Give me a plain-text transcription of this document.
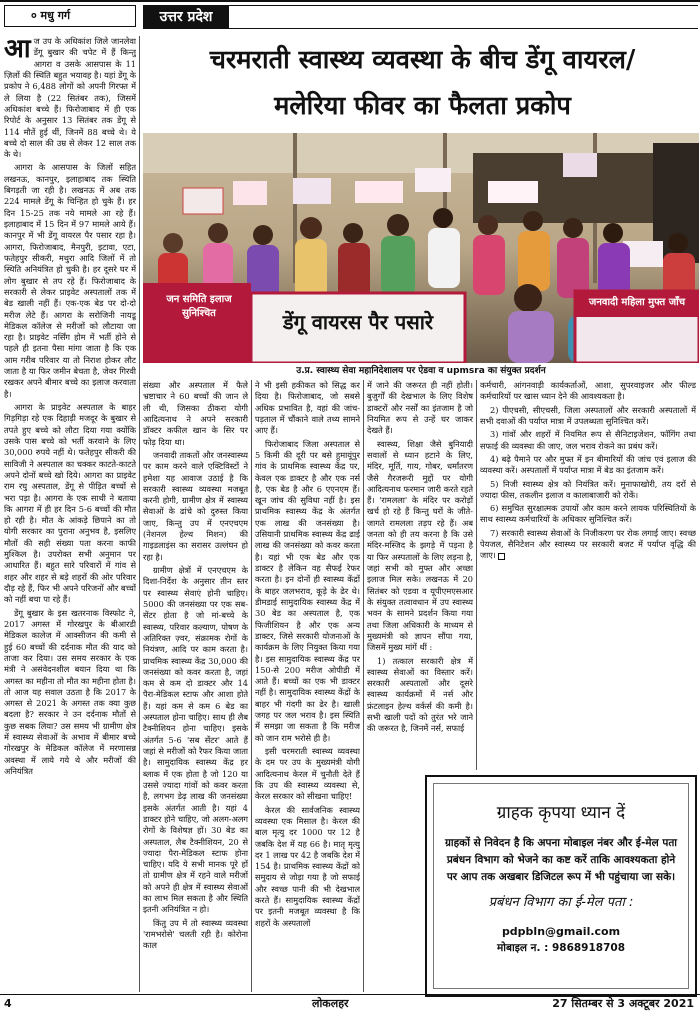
० मधु गर्ग	उत्तर प्रदेश
चरमराती स्वास्थ्य व्यवस्था के बीच डेंगू वायरल/
मलेरिया फीवर का फैलता प्रकोप
जन समिति इलाज सुनिश्चित	डेंगू वायरस पैर पसारे
जनवादी महिला मुफ्त जाँच
उ.प्र. स्वास्थ्य सेवा महानिदेशालय पर ऐडवा व upmsra का संयुक्त प्रदर्शन
आ ज उप के अधिकांश जिले जानलेवा डेंगू बुखार की चपेट में हैं किन्तु आगरा व उसके आसपास के 11 ज़िलों की स्थिति बहुत भयावह है। यहां डेंगू के प्रकोप ने 6,488 लोगों को अपनी गिरफ्त में ले लिया है (22 सितंबर तक), जिसमें अधिकांश बच्चे हैं। फिरोजाबाद में ही एक रिपोर्ट के अनुसार 13 सितंबर तक डेंगू से 114 मौतें हुई थीं, जिनमें 88 बच्चे थे। ये बच्चे दो साल की उम्र से लेकर 12 साल तक के थे।

आगरा के आसपास के जिलों सहित लखनऊ, कानपुर, इलाहाबाद तक स्थिति बिगड़ती जा रही है। लखनऊ में अब तक 224 मामले डेंगू के चिन्हित हो चुके हैं। हर दिन 15-25 तक नये मामले आ रहे हैं। इलाहाबाद में 15 दिन में 97 मामले आये हैं। कानपुर में भी डेंगू वायरल पैर पसार रहा है। आगरा, फिरोजाबाद, मैनपुरी, इटावा, एटा, फतेहपुर सीकरी, मथुरा आदि जिलों में तो स्थिति अनियंत्रित हो चुकी है। हर दूसरे घर में लोग बुखार से तप रहे हैं। फिरोजाबाद के सरकारी से लेकर प्राइवेट अस्पतालों तक में बेड खाली नहीं हैं। एक-एक बेड पर दो-दो मरीज लेटे हैं। आगरा के सरोजिनी नायडू मेडिकल कॉलेज से मरीजों को लौटाया जा रहा है। प्राइवेट नर्सिंग होम में भर्ती होने से पहले ही इतना पैसा मांगा जाता है कि एक आम गरीब परिवार या तो निराश होकर लौट जाता है या फिर जमीन बेचता है, जेवर गिरवी रखकर अपने बीमार बच्चे का इलाज करवाता है।

आगरा के प्राइवेट अस्पताल के बाहर गिड़गिड़ा रहे एक दिहाड़ी मजदूर के बुखार से तपते हुए बच्चे को लौटा दिया गया क्योंकि उसके पास बच्चे को भर्ती करवाने के लिए 30,000 रुपये नहीं थे। फतेहपुर सीकरी की साविजी ने अस्पताल का चक्कर काटते-काटते अपने दोनों बच्चे खो दिये। आगरा का प्राइवेट राम रघु अस्पताल, डेंगू से पीड़ित बच्चों से भरा पड़ा है। आगरा के एक साथी ने बताया कि आगरा में ही हर दिन 5-6 बच्चों की मौत हो रही है। मौत के आंकड़े छिपाने का तो योगी सरकार का पुराना अनुभव है, इसलिए मौतों की सही संख्या पता करना काफी मुश्किल है। उपरोक्त सभी अनुमान पर आधारित हैं। बहुत सारे परिवारों में गांव से शहर और शहर से बड़े शहरों की ओर परिवार दौड़ रहे हैं, फिर भी अपने परिजनों और बच्चों को नहीं बचा पा रहे हैं।

डेंगू बुखार के इस खतरनाक विस्फोट ने, 2017 अगस्त में गोरखपुर के बीआरडी मेडिकल कालेज में आक्सीजन की कमी से हुई 60 बच्चों की दर्दनाक मौत की याद को ताजा कर दिया। उस समय सरकार के एक मंत्री ने असंवेदनशील बयान दिया था कि अगस्त का महीना तो मौत का महीना होता है। तो आज यह सवाल उठता है कि 2017 के अगस्त से 2021 के अगस्त तक क्या कुछ बदला है? सरकार ने उन दर्दनाक मौतों से कुछ सबक लिया? उस समय भी ग्रामीण क्षेत्र में स्वास्थ्य सेवाओं के अभाव में बीमार बच्चे गोरखपुर के मेडिकल कॉलेज में मरणासन्न अवस्था में लाये गये थे और मरीजों की अनियंत्रित

संख्या और अस्पताल में फैले भ्रष्टाचार ने 60 बच्चों की जान ले ली थी, जिसका ठीकरा योगी आदित्यनाथ ने अपने सरकारी डॉक्टर कफील खान के सिर पर फोड़ दिया था।

जनवादी ताकतों और जनस्वास्थ्य पर काम करने वाले एक्टिविस्टों ने हमेशा यह आवाज उठाई है कि सरकारी स्वास्थ्य व्यवस्था मजबूत करनी होगी, ग्रामीण क्षेत्र में स्वास्थ्य सेवाओं के ढांचे को दुरुस्त किया जाए, किन्तु उप में एनएचएम (नेशनल हेल्थ मिशन) की गाइडलाइंस का सरासर उल्लंघन हो रहा है।

ग्रामीण क्षेत्रों में एनएचएम के दिशा-निर्देश के अनुसार तीन स्तर पर स्वास्थ्य सेवाएं होनी चाहिए। 5000 की जनसंख्या पर एक सब-सेंटर होता है जो मां-बच्चे के स्वास्थ्य, परिवार कल्याण, पोषण के अतिरिक्त ज़्वर, संक्रामक रोगों के नियंत्रण, आदि पर काम करता है। प्राथमिक स्वास्थ्य केंद्र 30,000 की जनसंख्या को कवर करता है, जहां कम से कम दो डाक्टर और 14 पैरा-मेडिकल स्टाफ और आशा होते हैं। यहां कम से कम 6 बेड का अस्पताल होना चाहिए। साथ ही लैब टैक्नीशियन होना चाहिए। इसके अंतर्गत 5-6 'सब सेंटर' आते हैं जहां से मरीजों को रैफर किया जाता है। सामुदायिक स्वास्थ्य केंद्र हर ब्लाक में एक होता है जो 120 या उससे ज्यादा गांवों को कवर करता है, लगभग डेढ़ लाख की जनसंख्या इसके अंतर्गत आती है। यहां 4 डाक्टर होने चाहिए, जो अलग-अलग रोगों के विशेषज्ञ हों। 30 बेड का अस्पताल, लैब टैक्नीशियन, 20 से ज्यादा पैरा-मेडिकल स्टाफ होना चाहिए। यदि ये सभी मानक पूरे हों तो ग्रामीण क्षेत्र में रहने वाले मरीजों को अपने ही क्षेत्र में स्वास्थ्य सेवाओं का लाभ मिल सकता है और स्थिति इतनी अनियंत्रित न हो।

किंतु उप में तो स्वास्थ्य व्यवस्था 'रामभरोसे' चलती रही है। कोरोना काल

ने भी इसी हकीकत को सिद्ध कर दिया है। फिरोजाबाद, जो सबसे अधिक प्रभावित है, वहां की जांच-पड़ताल में चौंकाने वाले तथ्य सामने आए हैं।

फिरोजाबाद जिला अस्पताल से 5 किमी की दूरी पर बसे हुमायूंपुर गांव के प्राथमिक स्वास्थ्य केंद्र पर, केवल एक डाक्टर है और एक नर्स है, एक बेड है और 6 एएनएम हैं। खून जांच की सुविधा नहीं है। इस प्राथमिक स्वास्थ्य केंद्र के अंतर्गत एक लाख की जनसंख्या है। उसियानी प्राथमिक स्वास्थ्य केंद्र ढाई लाख की जनसंख्या को कवर करता है। यहां भी एक बेड और एक डाक्टर है लेकिन वह सैफई रेफर करता है। इन दोनों ही स्वास्थ्य केंद्रों के बाहर जलभराव, कूड़े के ढेर थे। डीमडाई सामुदायिक स्वास्थ्य केंद्र में 30 बेड का अस्पताल है, एक फिजीशियन है और एक अन्य डाक्टर, जिसे सरकारी योजनाओं के कार्यक्रम के लिए नियुक्त किया गया है। इस सामुदायिक स्वास्थ्य केंद्र पर 150-से 200 मरीज ओपीडी में आते हैं। बच्चों का एक भी डाक्टर नहीं है। सामुदायिक स्वास्थ्य केंद्रों के बाहर भी गंदगी का ढेर है। खाली जगह पर जल भराव है। इस स्थिति में समझा जा सकता है कि मरीज को जान राम भरोसे ही है।

इसी चरमराती स्वास्थ्य व्यवस्था के दम पर उप के मुख्यमंत्री योगी आदित्यनाथ केरल में चुनौती देते हैं कि उप की स्वास्थ्य व्यवस्था से, केरल सरकार को सीखना चाहिए!

केरल की सार्वजनिक स्वास्थ्य व्यवस्था एक मिसाल है। केरल की बाल मृत्यु दर 1000 पर 12 है जबकि देश में यह 66 है। मातृ मृत्यु दर 1 लाख पर 42 है जबकि देश में 154 है। प्राथमिक स्वास्थ्य केंद्रों को समुदाय से जोड़ा गया है जो सफाई और स्वच्छ पानी की भी देखभाल करते हैं। सामुदायिक स्वास्थ्य केंद्रों पर इतनी मजबूत व्यवस्था है कि शहरों के अस्पतालों

में जाने की जरूरत ही नहीं होती। बुजुर्गों की देखभाल के लिए विशेष डाक्टरों और नर्सों का इंतजाम है जो नियमित रूप से उन्हें घर जाकर देखते हैं।

स्वास्थ्य, शिक्षा जैसे बुनियादी सवालों से ध्यान हटाने के लिए, मंदिर, मूर्ति, गाय, गोबर, धर्मांतरण जैसे गैरजरूरी मुद्दों पर योगी आदित्यनाथ फरमान जारी करते रहते हैं। 'रामलला' के मंदिर पर करोड़ों खर्च हो रहे हैं किन्तु घरों के जीते-जागते रामलला तड़प रहे हैं। अब जनता को ही तय करना है कि उसे मंदिर-मस्जिद के झगड़े में पड़ना है या फिर अस्पतालों के लिए लड़ना है, जहां सभी को मुफ्त और अच्छा इलाज मिल सके। लखनऊ में 20 सितंबर को एडवा व यूपीएमएसआर के संयुक्त तत्वावधान में उप स्वास्थ्य भवन के सामने प्रदर्शन किया गया तथा जिला अधिकारी के माध्यम से मुख्यमंत्री को ज्ञापन सौंपा गया, जिसमें मुख्य मांगें थीं :

1) तत्काल सरकारी क्षेत्र में स्वास्थ्य सेवाओं का विस्तार करें। सरकारी अस्पतालों और दूसरे स्वास्थ्य कार्यक्रमों में नर्स और फ्रंटलाइन हेल्थ वर्कर्स की कमी है। सभी खाली पदों को तुरंत भरे जाने की जरूरत है, जिनमें नर्स, सफाई

कर्मचारी, आंगनवाड़ी कार्यकर्ताओं, आशा, सुपरवाइजर और फील्ड कर्मचारियों पर खास ध्यान देने की आवश्यकता है।

2) पीएचसी, सीएचसी, जिला अस्पतालों और सरकारी अस्पतालों में सभी दवाओं की पर्याप्त मात्रा में उपलब्धता सुनिश्चित करें।

3) गांवों और शहरों में नियमित रूप से सैनिटाइजेशन, फॉगिंग तथा सफाई की व्यवस्था की जाए, जल भराव रोकने का प्रबंध करें।

4) बढ़े पैमाने पर और मुफ्त में इन बीमारियों की जांच एवं इलाज की व्यवस्था करें। अस्पतालों में पर्याप्त मात्रा में बेड का इंतजाम करें।

5) निजी स्वास्थ्य क्षेत्र को नियंत्रित करें। मुनाफाखोरी, तय दरों से ज्यादा फीस, तकलीन इलाज व कालाबाजारी को रोकें।

6) समुचित सुरक्षात्मक उपायों और काम करने लायक परिस्थितियों के साथ स्वास्थ्य कर्मचारियों के अधिकार सुनिश्चित करें।

7) सरकारी स्वास्थ्य सेवाओं के निजीकरण पर रोक लगाई जाए। स्वच्छ पेयजल, सैनिटेशन और स्वास्थ्य पर सरकारी बजट में पर्याप्त वृद्धि की जाए।

ग्राहक कृपया ध्यान दें
ग्राहकों से निवेदन है कि अपना मोबाइल नंबर और ई-मेल पता प्रबंधन विभाग को भेजने का कष्ट करें ताकि आवश्यकता होने पर आप तक अखबार डिजिटल रूप में भी पहुंचाया जा सके।
प्रबंधन विभाग का ई-मेल पता :
pdpbln@gmail.com
मोबाइल न. : 9868918708
4	लोकलहर	27 सितम्बर से 3 अक्टूबर 2021
